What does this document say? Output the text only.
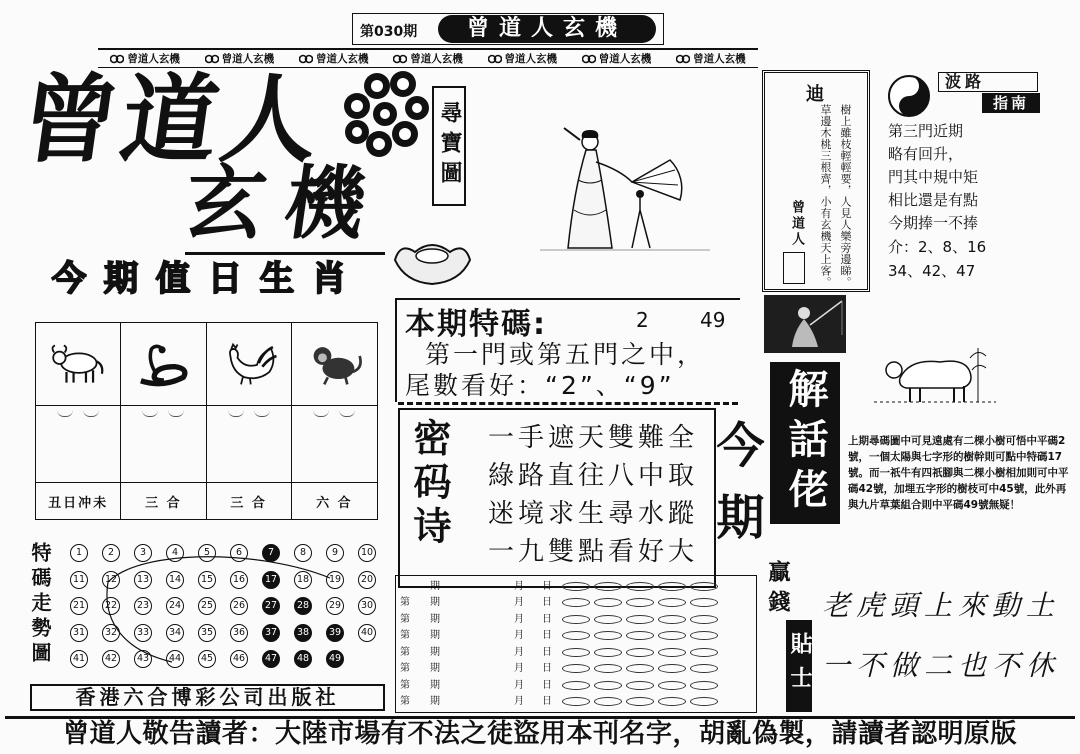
第030期	曾道人玄機
曾道人玄機	曾道人玄機	曾道人玄機	曾道人玄機	曾道人玄機	曾道人玄機	曾道人玄機
曾道人
玄機
尋寶圖
今期值日生肖
丑日冲未	三 合	三 合	六 合
本期特碼:	2	49
第一門或第五門之中，
尾數看好：“2”、“9”
密码诗 一手遮天雙難全
綠路直往八中取
迷境求生尋水蹤
一九雙點看好大 今期
迪
樹上雖枝輕輕要，人見人樂旁邊睇。
草邊木桃三根齊，小有玄機天上客。
曾道人
波路
指南
第三門近期
略有回升，
門其中規中矩
相比還是有點
今期捧一不捧
介：2、8、16
34、42、47
解話佬 上期尋碼圖中可見遠處有二棵小樹可悟中平碼2號，一個太陽與七字形的樹幹則可點中特碼17號。而一祇牛有四祇腳與二棵小樹相加則可中平碼42號，加埋五字形的樹枝可中45號，此外再與九片草葉組合則中平碼49號無疑！
贏錢
貼士
老虎頭上來動土
一不做二也不休
特碼走勢圖	1	2	3	4	5	6	7	8	9	10
11	12	13	14	15	16	17	18	19	20
21	22	23	24	25	26	27	28	29	30
31	32	33	34	35	36	37	38	39	40
41	42	43	44	45	46	47	48	49
期	月 日
第 期	月 日
第 期	月 日
第 期	月 日
第 期	月 日
第 期	月 日
第 期	月 日
第 期	月 日
香港六合博彩公司出版社
曾道人敬告讀者：大陸市場有不法之徒盜用本刊名字，胡亂偽製，請讀者認明原版
